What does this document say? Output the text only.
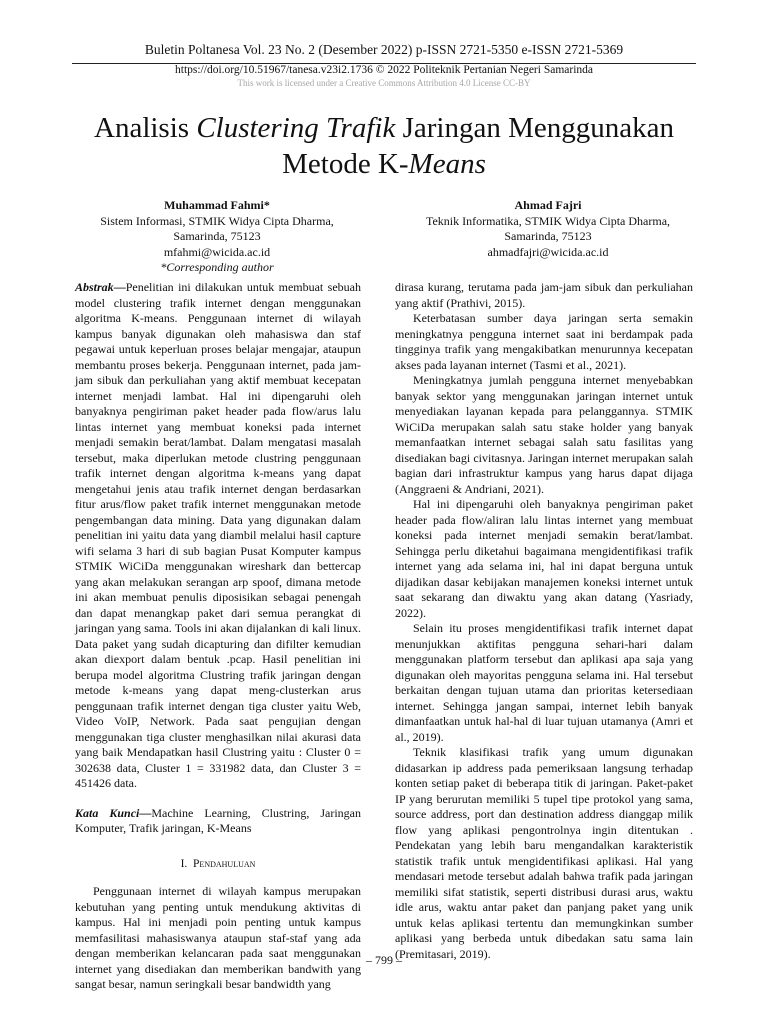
Buletin Poltanesa Vol. 23 No. 2 (Desember 2022) p-ISSN 2721-5350 e-ISSN 2721-5369
https://doi.org/10.51967/tanesa.v23i2.1736 © 2022 Politeknik Pertanian Negeri Samarinda
This work is licensed under a Creative Commons Attribution 4.0 License CC-BY
Analisis Clustering Trafik Jaringan Menggunakan
Metode K-Means
Muhammad Fahmi*
Sistem Informasi, STMIK Widya Cipta Dharma,
Samarinda, 75123
mfahmi@wicida.ac.id
*Corresponding author
Ahmad Fajri
Teknik Informatika, STMIK Widya Cipta Dharma,
Samarinda, 75123
ahmadfajri@wicida.ac.id

Abstrak—Penelitian ini dilakukan untuk membuat sebuah model clustering trafik internet dengan menggunakan algoritma K-means. Penggunaan internet di wilayah kampus banyak digunakan oleh mahasiswa dan staf pegawai untuk keperluan proses belajar mengajar, ataupun membantu proses bekerja. Penggunaan internet, pada jam-jam sibuk dan perkuliahan yang aktif membuat kecepatan internet menjadi lambat. Hal ini dipengaruhi oleh banyaknya pengiriman paket header pada flow/arus lalu lintas internet yang membuat koneksi pada internet menjadi semakin berat/lambat. Dalam mengatasi masalah tersebut, maka diperlukan metode clustring penggunaan trafik internet dengan algoritma k-means yang dapat mengetahui jenis atau trafik internet dengan berdasarkan fitur arus/flow paket trafik internet menggunakan metode pengembangan data mining. Data yang digunakan dalam penelitian ini yaitu data yang diambil melalui hasil capture wifi selama 3 hari di sub bagian Pusat Komputer kampus STMIK WiCiDa menggunakan wireshark dan bettercap yang akan melakukan serangan arp spoof, dimana metode ini akan membuat penulis diposisikan sebagai penengah dan dapat menangkap paket dari semua perangkat di jaringan yang sama. Tools ini akan dijalankan di kali linux. Data paket yang sudah dicapturing dan difilter kemudian akan diexport dalam bentuk .pcap. Hasil penelitian ini berupa model algoritma Clustring trafik jaringan dengan metode k-means yang dapat meng-clusterkan arus penggunaan trafik internet dengan tiga cluster yaitu Web, Video VoIP, Network. Pada saat pengujian dengan menggunakan tiga cluster menghasilkan nilai akurasi data yang baik Mendapatkan hasil Clustring yaitu : Cluster 0 = 302638 data, Cluster 1 = 331982 data, dan Cluster 3 = 451426 data.

Kata Kunci—Machine Learning, Clustring, Jaringan Komputer, Trafik jaringan, K-Means

I. Pendahuluan

Penggunaan internet di wilayah kampus merupakan kebutuhan yang penting untuk mendukung aktivitas di kampus. Hal ini menjadi poin penting untuk kampus memfasilitasi mahasiswanya ataupun staf-staf yang ada dengan memberikan kelancaran pada saat menggunakan internet yang disediakan dan memberikan bandwith yang sangat besar, namun seringkali besar bandwidth yang

dirasa kurang, terutama pada jam-jam sibuk dan perkuliahan yang aktif (Prathivi, 2015).

Keterbatasan sumber daya jaringan serta semakin meningkatnya pengguna internet saat ini berdampak pada tingginya trafik yang mengakibatkan menurunnya kecepatan akses pada layanan internet (Tasmi et al., 2021).

Meningkatnya jumlah pengguna internet menyebabkan banyak sektor yang menggunakan jaringan internet untuk menyediakan layanan kepada para pelanggannya. STMIK WiCiDa merupakan salah satu stake holder yang banyak memanfaatkan internet sebagai salah satu fasilitas yang disediakan bagi civitasnya. Jaringan internet merupakan salah bagian dari infrastruktur kampus yang harus dapat dijaga (Anggraeni & Andriani, 2021).

Hal ini dipengaruhi oleh banyaknya pengiriman paket header pada flow/aliran lalu lintas internet yang membuat koneksi pada internet menjadi semakin berat/lambat. Sehingga perlu diketahui bagaimana mengidentifikasi trafik internet yang ada selama ini, hal ini dapat berguna untuk dijadikan dasar kebijakan manajemen koneksi internet untuk saat sekarang dan diwaktu yang akan datang (Yasriady, 2022).

Selain itu proses mengidentifikasi trafik internet dapat menunjukkan aktifitas pengguna sehari-hari dalam menggunakan platform tersebut dan aplikasi apa saja yang digunakan oleh mayoritas pengguna selama ini. Hal tersebut berkaitan dengan tujuan utama dan prioritas ketersediaan internet. Sehingga jangan sampai, internet lebih banyak dimanfaatkan untuk hal-hal di luar tujuan utamanya (Amri et al., 2019).

Teknik klasifikasi trafik yang umum digunakan didasarkan ip address pada pemeriksaan langsung terhadap konten setiap paket di beberapa titik di jaringan. Paket-paket IP yang berurutan memiliki 5 tupel tipe protokol yang sama, source address, port dan destination address dianggap milik flow yang aplikasi pengontrolnya ingin ditentukan . Pendekatan yang lebih baru mengandalkan karakteristik statistik trafik untuk mengidentifikasi aplikasi. Hal yang mendasari metode tersebut adalah bahwa trafik pada jaringan memiliki sifat statistik, seperti distribusi durasi arus, waktu idle arus, waktu antar paket dan panjang paket yang unik untuk kelas aplikasi tertentu dan memungkinkan sumber aplikasi yang berbeda untuk dibedakan satu sama lain (Premitasari, 2019).

– 799 –
